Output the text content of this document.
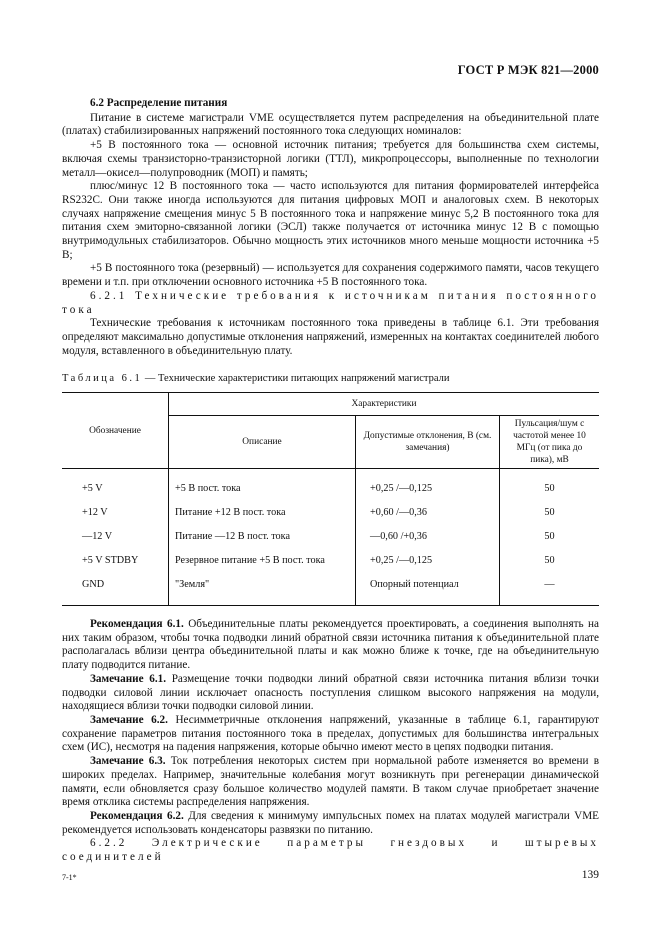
ГОСТ Р МЭК 821—2000

6.2 Распределение питания

Питание в системе магистрали VME осуществляется путем распределения на объединительной плате (платах) стабилизированных напряжений постоянного тока следующих номиналов:

+5 В постоянного тока — основной источник питания; требуется для большинства схем системы, включая схемы транзисторно-транзисторной логики (ТТЛ), микропроцессоры, выполненные по технологии металл—окисел—полупроводник (МОП) и память;

плюс/минус 12 В постоянного тока — часто используются для питания формирователей интерфейса RS232C. Они также иногда используются для питания цифровых МОП и аналоговых схем. В некоторых случаях напряжение смещения минус 5 В постоянного тока и напряжение минус 5,2 В постоянного тока для питания схем эмиторно-связанной логики (ЭСЛ) также получается от источника минус 12 В с помощью внутримодульных стабилизаторов. Обычно мощность этих источников много меньше мощности источника +5 В;

+5 В постоянного тока (резервный) — используется для сохранения содержимого памяти, часов текущего времени и т.п. при отключении основного источника +5 В постоянного тока.

6.2.1 Технические требования к источникам питания постоянного тока

Технические требования к источникам постоянного тока приведены в таблице 6.1. Эти требования определяют максимально допустимые отклонения напряжений, измеренных на контактах соединителей любого модуля, вставленного в объединительную плату.

Таблица 6.1 — Технические характеристики питающих напряжений магистрали

Обозначение	Характеристики		
	Описание	Допустимые отклонения, В (см. замечания)	Пульсация/шум с частотой менее 10 МГц (от пика до пика), мВ
+5 V	+5 В пост. тока	+0,25 /—0,125	50
+12 V	Питание +12 В пост. тока	+0,60 /—0,36	50
—12 V	Питание —12 В пост. тока	—0,60 /+0,36	50
+5 V STDBY	Резервное питание +5 В пост. тока	+0,25 /—0,125	50
GND	"Земля"	Опорный потенциал	—

Рекомендация 6.1. Объединительные платы рекомендуется проектировать, а соединения выполнять на них таким образом, чтобы точка подводки линий обратной связи источника питания к объединительной плате располагалась вблизи центра объединительной платы и как можно ближе к точке, где на объединительную плату подводится питание.

Замечание 6.1. Размещение точки подводки линий обратной связи источника питания вблизи точки подводки силовой линии исключает опасность поступления слишком высокого напряжения на модули, находящиеся вблизи точки подводки силовой линии.

Замечание 6.2. Несимметричные отклонения напряжений, указанные в таблице 6.1, гарантируют сохранение параметров питания постоянного тока в пределах, допустимых для большинства интегральных схем (ИС), несмотря на падения напряжения, которые обычно имеют место в цепях подводки питания.

Замечание 6.3. Ток потребления некоторых систем при нормальной работе изменяется во времени в широких пределах. Например, значительные колебания могут возникнуть при регенерации динамической памяти, если обновляется сразу большое количество модулей памяти. В таком случае приобретает значение время отклика системы распределения напряжения.

Рекомендация 6.2. Для сведения к минимуму импульсных помех на платах модулей магистрали VME рекомендуется использовать конденсаторы развязки по питанию.

6.2.2 Электрические параметры гнездовых и штыревых соединителей

7-1*	139
